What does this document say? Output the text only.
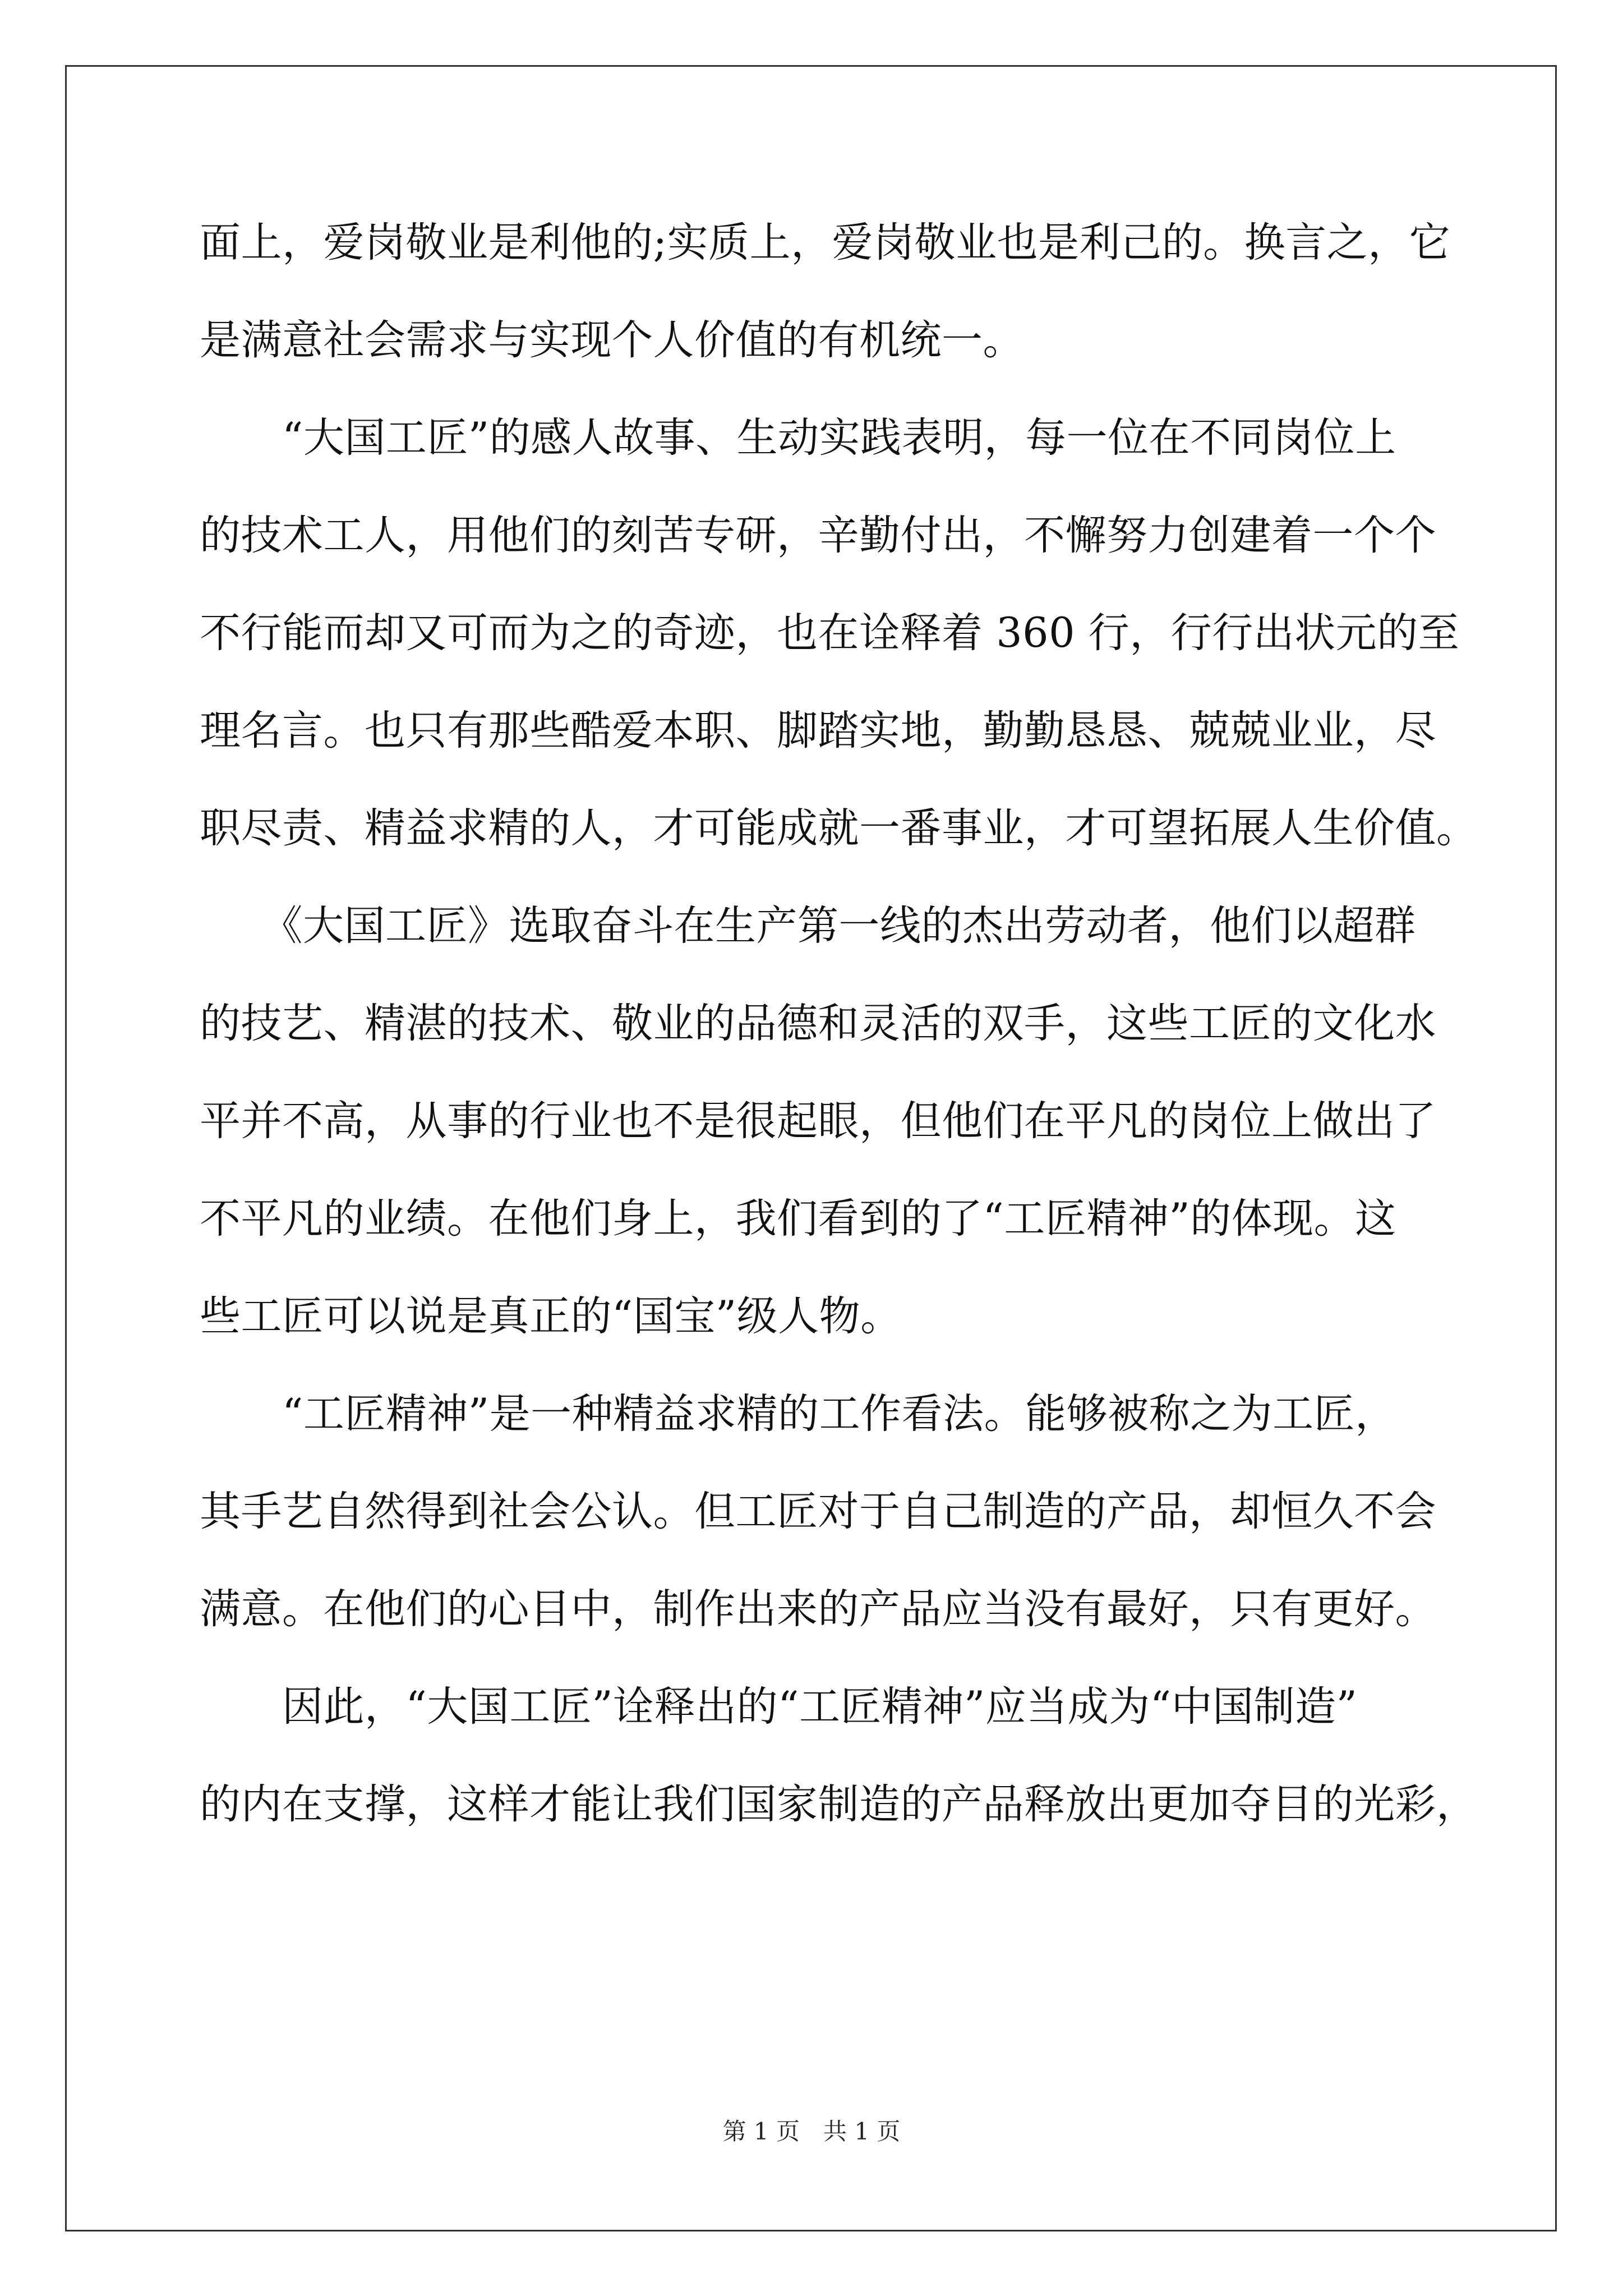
面上，爱岗敬业是利他的;实质上，爱岗敬业也是利己的。换言之，它

是满意社会需求与实现个人价值的有机统一。

　　“大国工匠”的感人故事、生动实践表明，每一位在不同岗位上

的技术工人，用他们的刻苦专研，辛勤付出，不懈努力创建着一个个

不行能而却又可而为之的奇迹，也在诠释着 360 行，行行出状元的至

理名言。也只有那些酷爱本职、脚踏实地，勤勤恳恳、兢兢业业，尽

职尽责、精益求精的人，才可能成就一番事业，才可望拓展人生价值。

　　《大国工匠》选取奋斗在生产第一线的杰出劳动者，他们以超群

的技艺、精湛的技术、敬业的品德和灵活的双手，这些工匠的文化水

平并不高，从事的行业也不是很起眼，但他们在平凡的岗位上做出了

不平凡的业绩。在他们身上，我们看到的了“工匠精神”的体现。这

些工匠可以说是真正的“国宝”级人物。

　　“工匠精神”是一种精益求精的工作看法。能够被称之为工匠，

其手艺自然得到社会公认。但工匠对于自己制造的产品，却恒久不会

满意。在他们的心目中，制作出来的产品应当没有最好，只有更好。

　　因此，“大国工匠”诠释出的“工匠精神”应当成为“中国制造”

的内在支撑，这样才能让我们国家制造的产品释放出更加夺目的光彩，

第 1 页　共 1 页
